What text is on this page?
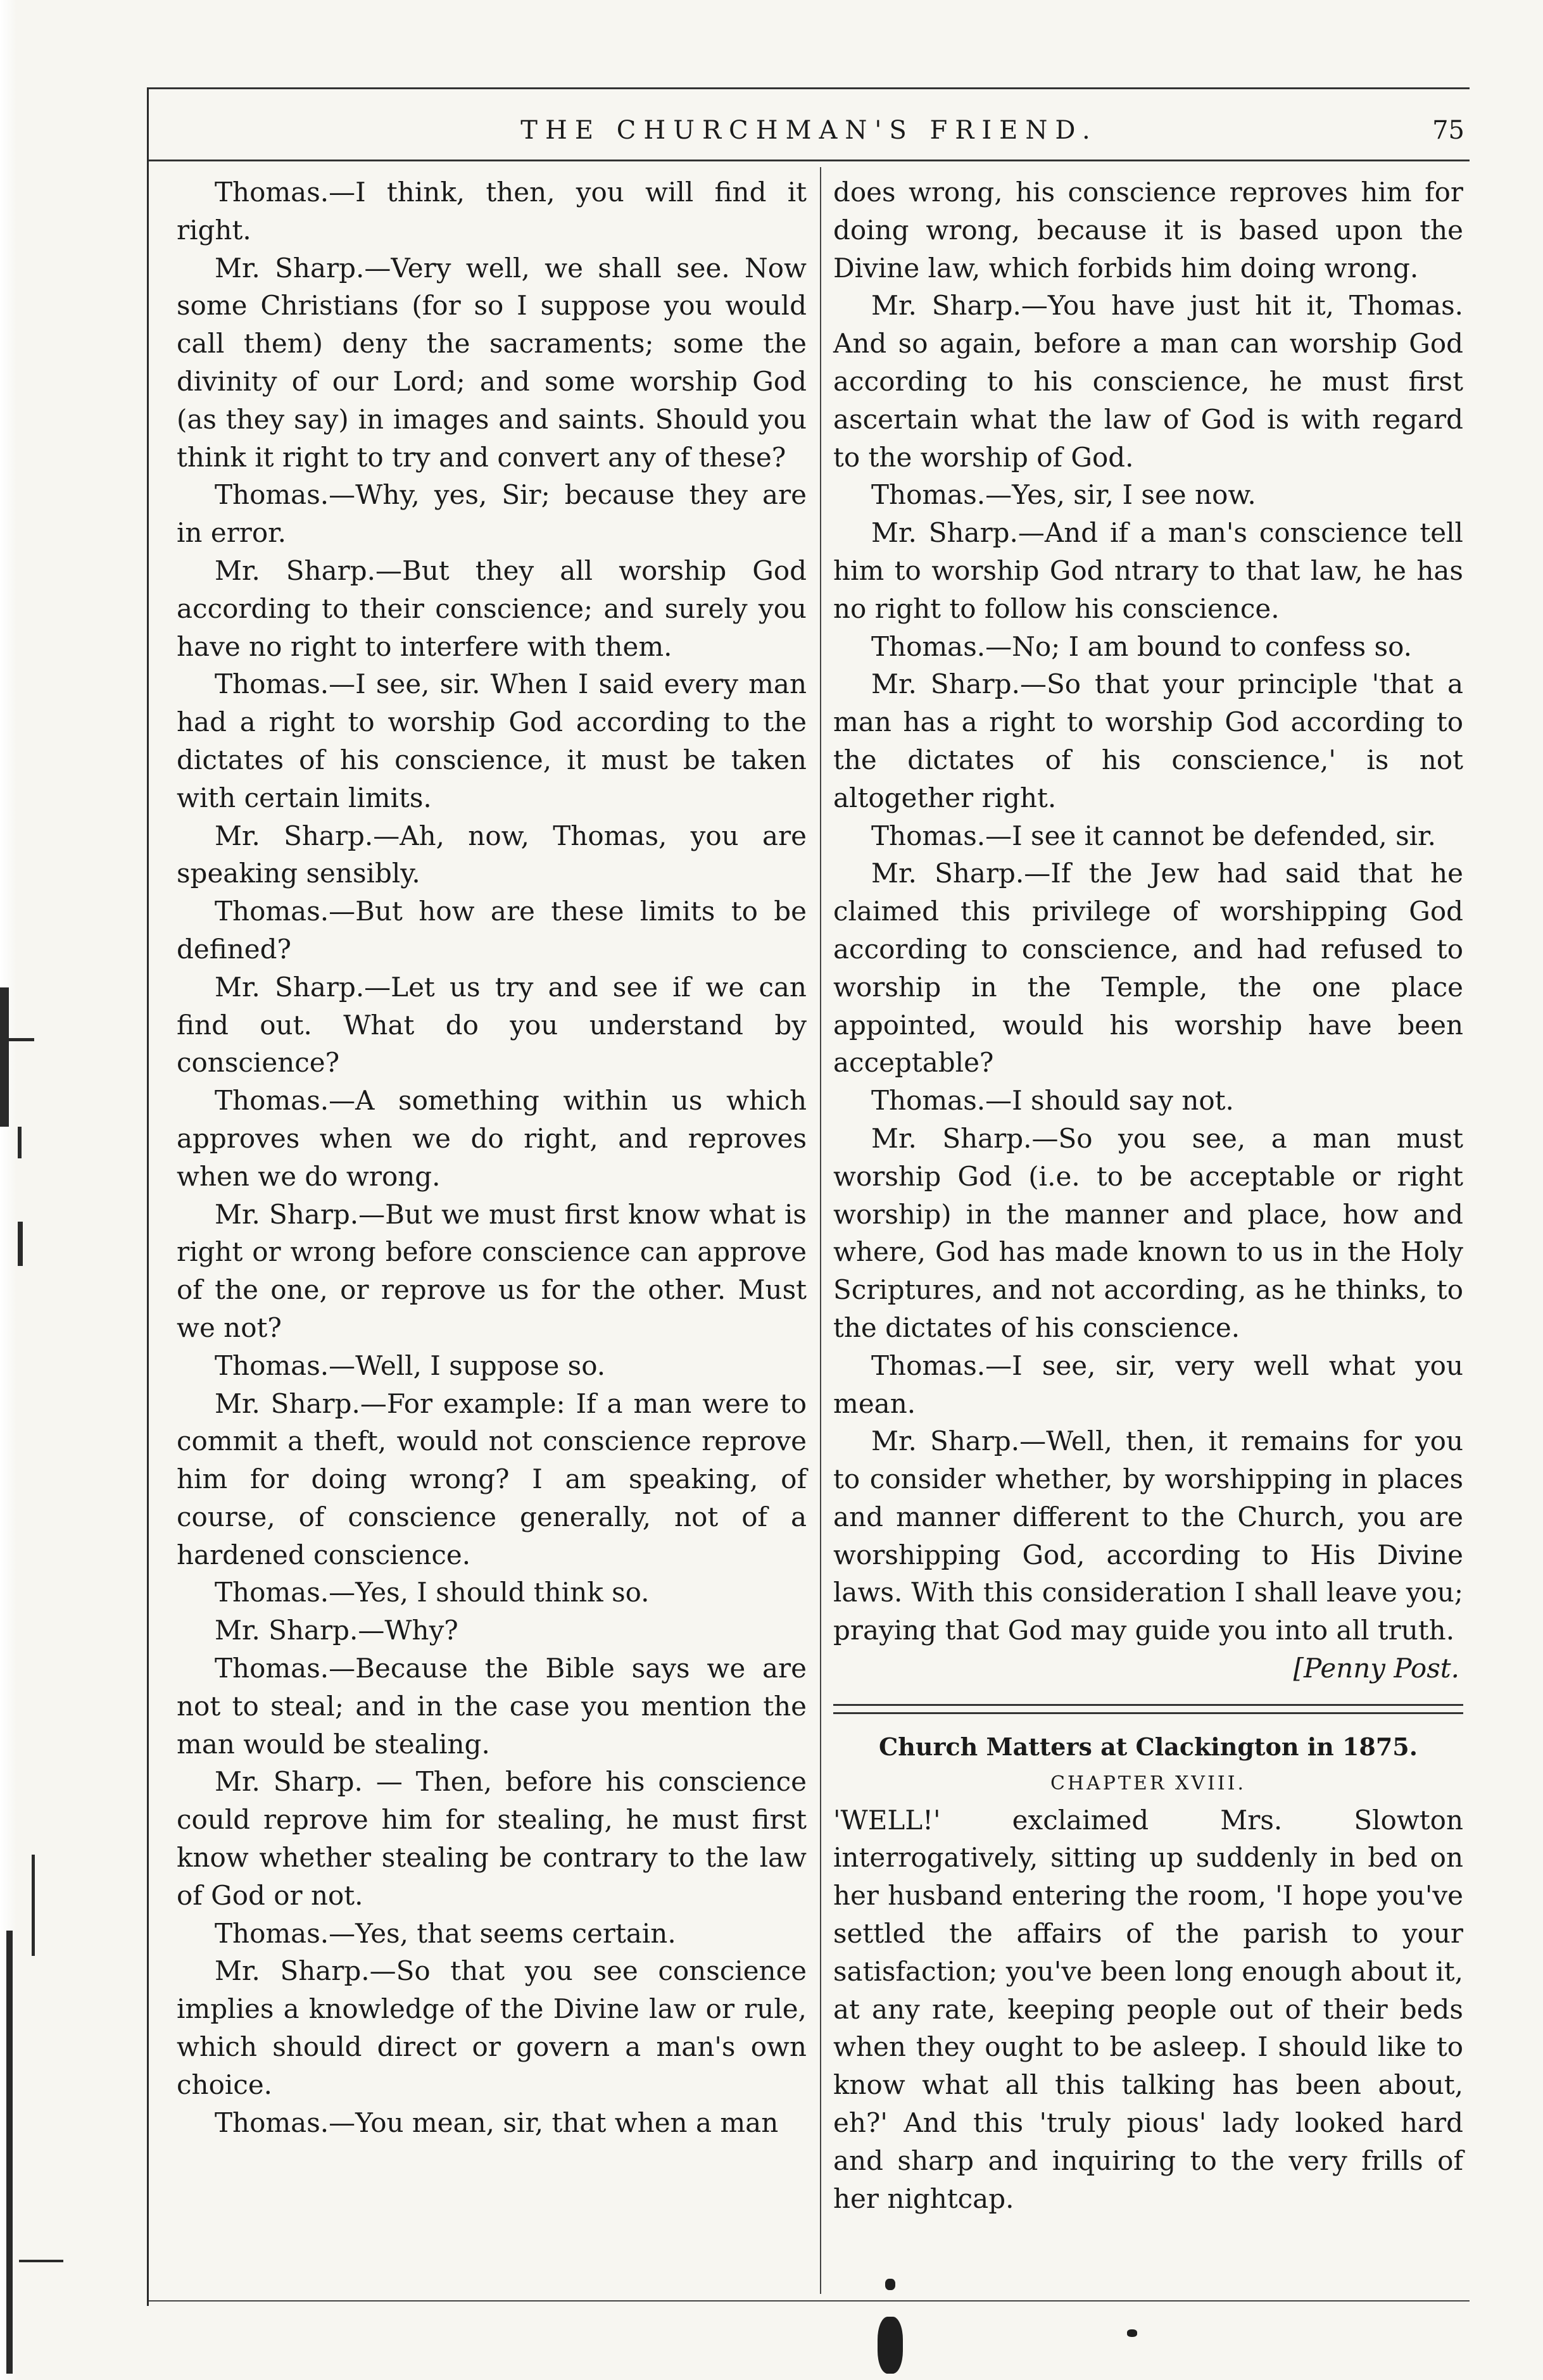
THE CHURCHMAN'S FRIEND.	75

Thomas.—I think, then, you will find it right.

Mr. Sharp.—Very well, we shall see. Now some Christians (for so I suppose you would call them) deny the sacraments; some the divinity of our Lord; and some worship God (as they say) in images and saints. Should you think it right to try and convert any of these?

Thomas.—Why, yes, Sir; because they are in error.

Mr. Sharp.—But they all worship God according to their conscience; and surely you have no right to interfere with them.

Thomas.—I see, sir. When I said every man had a right to worship God according to the dictates of his conscience, it must be taken with certain limits.

Mr. Sharp.—Ah, now, Thomas, you are speaking sensibly.

Thomas.—But how are these limits to be defined?

Mr. Sharp.—Let us try and see if we can find out. What do you understand by conscience?

Thomas.—A something within us which approves when we do right, and reproves when we do wrong.

Mr. Sharp.—But we must first know what is right or wrong before conscience can approve of the one, or reprove us for the other. Must we not?

Thomas.—Well, I suppose so.

Mr. Sharp.—For example: If a man were to commit a theft, would not conscience reprove him for doing wrong? I am speaking, of course, of conscience generally, not of a hardened conscience.

Thomas.—Yes, I should think so.

Mr. Sharp.—Why?

Thomas.—Because the Bible says we are not to steal; and in the case you mention the man would be stealing.

Mr. Sharp. — Then, before his conscience could reprove him for stealing, he must first know whether stealing be contrary to the law of God or not.

Thomas.—Yes, that seems certain.

Mr. Sharp.—So that you see conscience implies a knowledge of the Divine law or rule, which should direct or govern a man's own choice.

Thomas.—You mean, sir, that when a man

does wrong, his conscience reproves him for doing wrong, because it is based upon the Divine law, which forbids him doing wrong.

Mr. Sharp.—You have just hit it, Thomas. And so again, before a man can worship God according to his conscience, he must first ascertain what the law of God is with regard to the worship of God.

Thomas.—Yes, sir, I see now.

Mr. Sharp.—And if a man's conscience tell him to worship God ntrary to that law, he has no right to follow his conscience.

Thomas.—No; I am bound to confess so.

Mr. Sharp.—So that your principle 'that a man has a right to worship God according to the dictates of his conscience,' is not altogether right.

Thomas.—I see it cannot be defended, sir.

Mr. Sharp.—If the Jew had said that he claimed this privilege of worshipping God according to conscience, and had refused to worship in the Temple, the one place appointed, would his worship have been acceptable?

Thomas.—I should say not.

Mr. Sharp.—So you see, a man must worship God (i.e. to be acceptable or right worship) in the manner and place, how and where, God has made known to us in the Holy Scriptures, and not according, as he thinks, to the dictates of his conscience.

Thomas.—I see, sir, very well what you mean.

Mr. Sharp.—Well, then, it remains for you to consider whether, by worshipping in places and manner different to the Church, you are worshipping God, according to His Divine laws. With this consideration I shall leave you; praying that God may guide you into all truth.

[Penny Post.

Church Matters at Clackington in 1875.

CHAPTER XVIII.

'WELL!' exclaimed Mrs. Slowton interrogatively, sitting up suddenly in bed on her husband entering the room, 'I hope you've settled the affairs of the parish to your satisfaction; you've been long enough about it, at any rate, keeping people out of their beds when they ought to be asleep. I should like to know what all this talking has been about, eh?' And this 'truly pious' lady looked hard and sharp and inquiring to the very frills of her nightcap.
